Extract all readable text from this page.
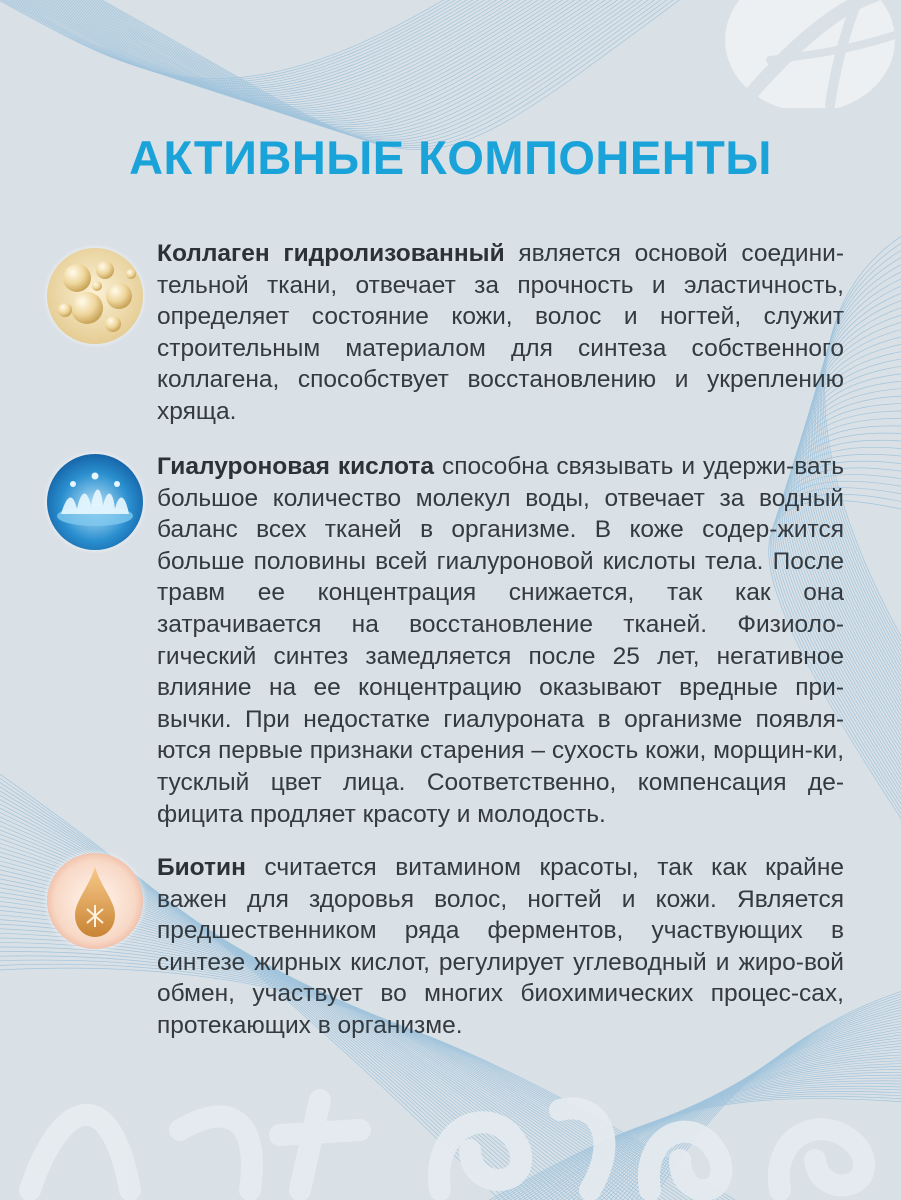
АКТИВНЫЕ КОМПОНЕНТЫ

Коллаген гидролизованный является основой соедини-тельной ткани, отвечает за прочность и эластичность, определяет состояние кожи, волос и ногтей, служит строительным материалом для синтеза собственного коллагена, способствует восстановлению и укреплению хряща.

Гиалуроновая кислота способна связывать и удержи-вать большое количество молекул воды, отвечает за водный баланс всех тканей в организме. В коже содер-жится больше половины всей гиалуроновой кислоты тела. После травм ее концентрация снижается, так как она затрачивается на восстановление тканей. Физиоло-гический синтез замедляется после 25 лет, негативное влияние на ее концентрацию оказывают вредные при-вычки. При недостатке гиалуроната в организме появля-ются первые признаки старения – сухость кожи, морщин-ки, тусклый цвет лица. Соответственно, компенсация де-фицита продляет красоту и молодость.

Биотин считается витамином красоты, так как крайне важен для здоровья волос, ногтей и кожи. Является предшественником ряда ферментов, участвующих в синтезе жирных кислот, регулирует углеводный и жиро-вой обмен, участвует во многих биохимических процес-сах, протекающих в организме.
